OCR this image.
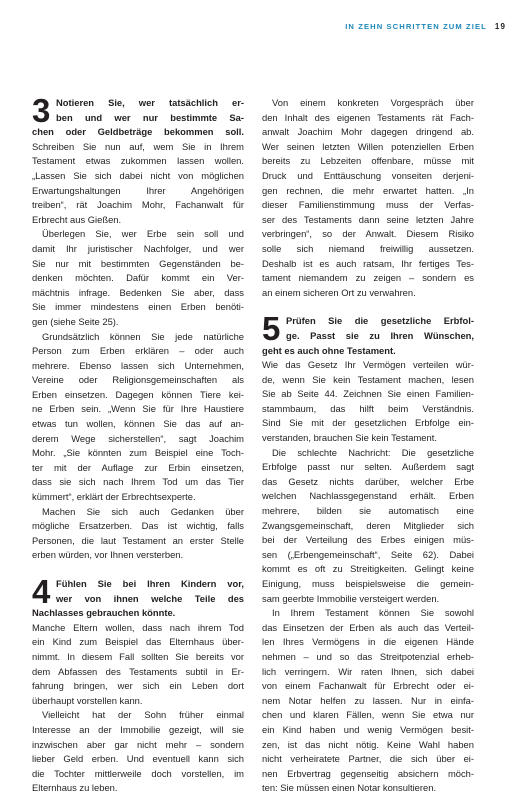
IN ZEHN SCHRITTEN ZUM ZIEL 19
3 Notieren Sie, wer tatsächlich er-
ben und wer nur bestimmte Sa-
chen oder Geldbeträge bekommen soll.
Schreiben Sie nun auf, wem Sie in Ihrem
Testament etwas zukommen lassen wollen.
„Lassen Sie sich dabei nicht von möglichen
Erwartungshaltungen Ihrer Angehörigen
treiben“, rät Joachim Mohr, Fachanwalt für
Erbrecht aus Gießen.
Überlegen Sie, wer Erbe sein soll und
damit Ihr juristischer Nachfolger, und wer
Sie nur mit bestimmten Gegenständen be-
denken möchten. Dafür kommt ein Ver-
mächtnis infrage. Bedenken Sie aber, dass
Sie immer mindestens einen Erben benöti-
gen (siehe Seite 25).
Grundsätzlich können Sie jede natürliche
Person zum Erben erklären – oder auch
mehrere. Ebenso lassen sich Unternehmen,
Vereine oder Religionsgemeinschaften als
Erben einsetzen. Dagegen können Tiere kei-
ne Erben sein. „Wenn Sie für Ihre Haustiere
etwas tun wollen, können Sie das auf an-
derem Wege sicherstellen“, sagt Joachim
Mohr. „Sie könnten zum Beispiel eine Toch-
ter mit der Auflage zur Erbin einsetzen,
dass sie sich nach Ihrem Tod um das Tier
kümmert“, erklärt der Erbrechtsexperte.
Machen Sie sich auch Gedanken über
mögliche Ersatzerben. Das ist wichtig, falls
Personen, die laut Testament an erster Stelle
erben würden, vor Ihnen versterben.
4 Fühlen Sie bei Ihren Kindern vor,
wer von ihnen welche Teile des
Nachlasses gebrauchen könnte.
Manche Eltern wollen, dass nach ihrem Tod
ein Kind zum Beispiel das Elternhaus über-
nimmt. In diesem Fall sollten Sie bereits vor
dem Abfassen des Testaments subtil in Er-
fahrung bringen, wer sich ein Leben dort
überhaupt vorstellen kann.
Vielleicht hat der Sohn früher einmal
Interesse an der Immobilie gezeigt, will sie
inzwischen aber gar nicht mehr – sondern
lieber Geld erben. Und eventuell kann sich
die Tochter mittlerweile doch vorstellen, im
Elternhaus zu leben.
Von einem konkreten Vorgespräch über
den Inhalt des eigenen Testaments rät Fach-
anwalt Joachim Mohr dagegen dringend ab.
Wer seinen letzten Willen potenziellen Erben
bereits zu Lebzeiten offenbare, müsse mit
Druck und Enttäuschung vonseiten derjeni-
gen rechnen, die mehr erwartet hatten. „In
dieser Familienstimmung muss der Verfas-
ser des Testaments dann seine letzten Jahre
verbringen“, so der Anwalt. Diesem Risiko
solle sich niemand freiwillig aussetzen.
Deshalb ist es auch ratsam, Ihr fertiges Tes-
tament niemandem zu zeigen – sondern es
an einem sicheren Ort zu verwahren.
5 Prüfen Sie die gesetzliche Erbfol-
ge. Passt sie zu Ihren Wünschen,
geht es auch ohne Testament.
Wie das Gesetz Ihr Vermögen verteilen wür-
de, wenn Sie kein Testament machen, lesen
Sie ab Seite 44. Zeichnen Sie einen Familien-
stammbaum, das hilft beim Verständnis.
Sind Sie mit der gesetzlichen Erbfolge ein-
verstanden, brauchen Sie kein Testament.
Die schlechte Nachricht: Die gesetzliche
Erbfolge passt nur selten. Außerdem sagt
das Gesetz nichts darüber, welcher Erbe
welchen Nachlassgegenstand erhält. Erben
mehrere, bilden sie automatisch eine
Zwangsgemeinschaft, deren Mitglieder sich
bei der Verteilung des Erbes einigen müs-
sen („Erbengemeinschaft“, Seite 62). Dabei
kommt es oft zu Streitigkeiten. Gelingt keine
Einigung, muss beispielsweise die gemein-
sam geerbte Immobilie versteigert werden.
In Ihrem Testament können Sie sowohl
das Einsetzen der Erben als auch das Verteil-
len Ihres Vermögens in die eigenen Hände
nehmen – und so das Streitpotenzial erheb-
lich verringern. Wir raten Ihnen, sich dabei
von einem Fachanwalt für Erbrecht oder ei-
nem Notar helfen zu lassen. Nur in einfa-
chen und klaren Fällen, wenn Sie etwa nur
ein Kind haben und wenig Vermögen besit-
zen, ist das nicht nötig. Keine Wahl haben
nicht verheiratete Partner, die sich über ei-
nen Erbvertrag gegenseitig absichern möch-
ten: Sie müssen einen Notar konsultieren.
